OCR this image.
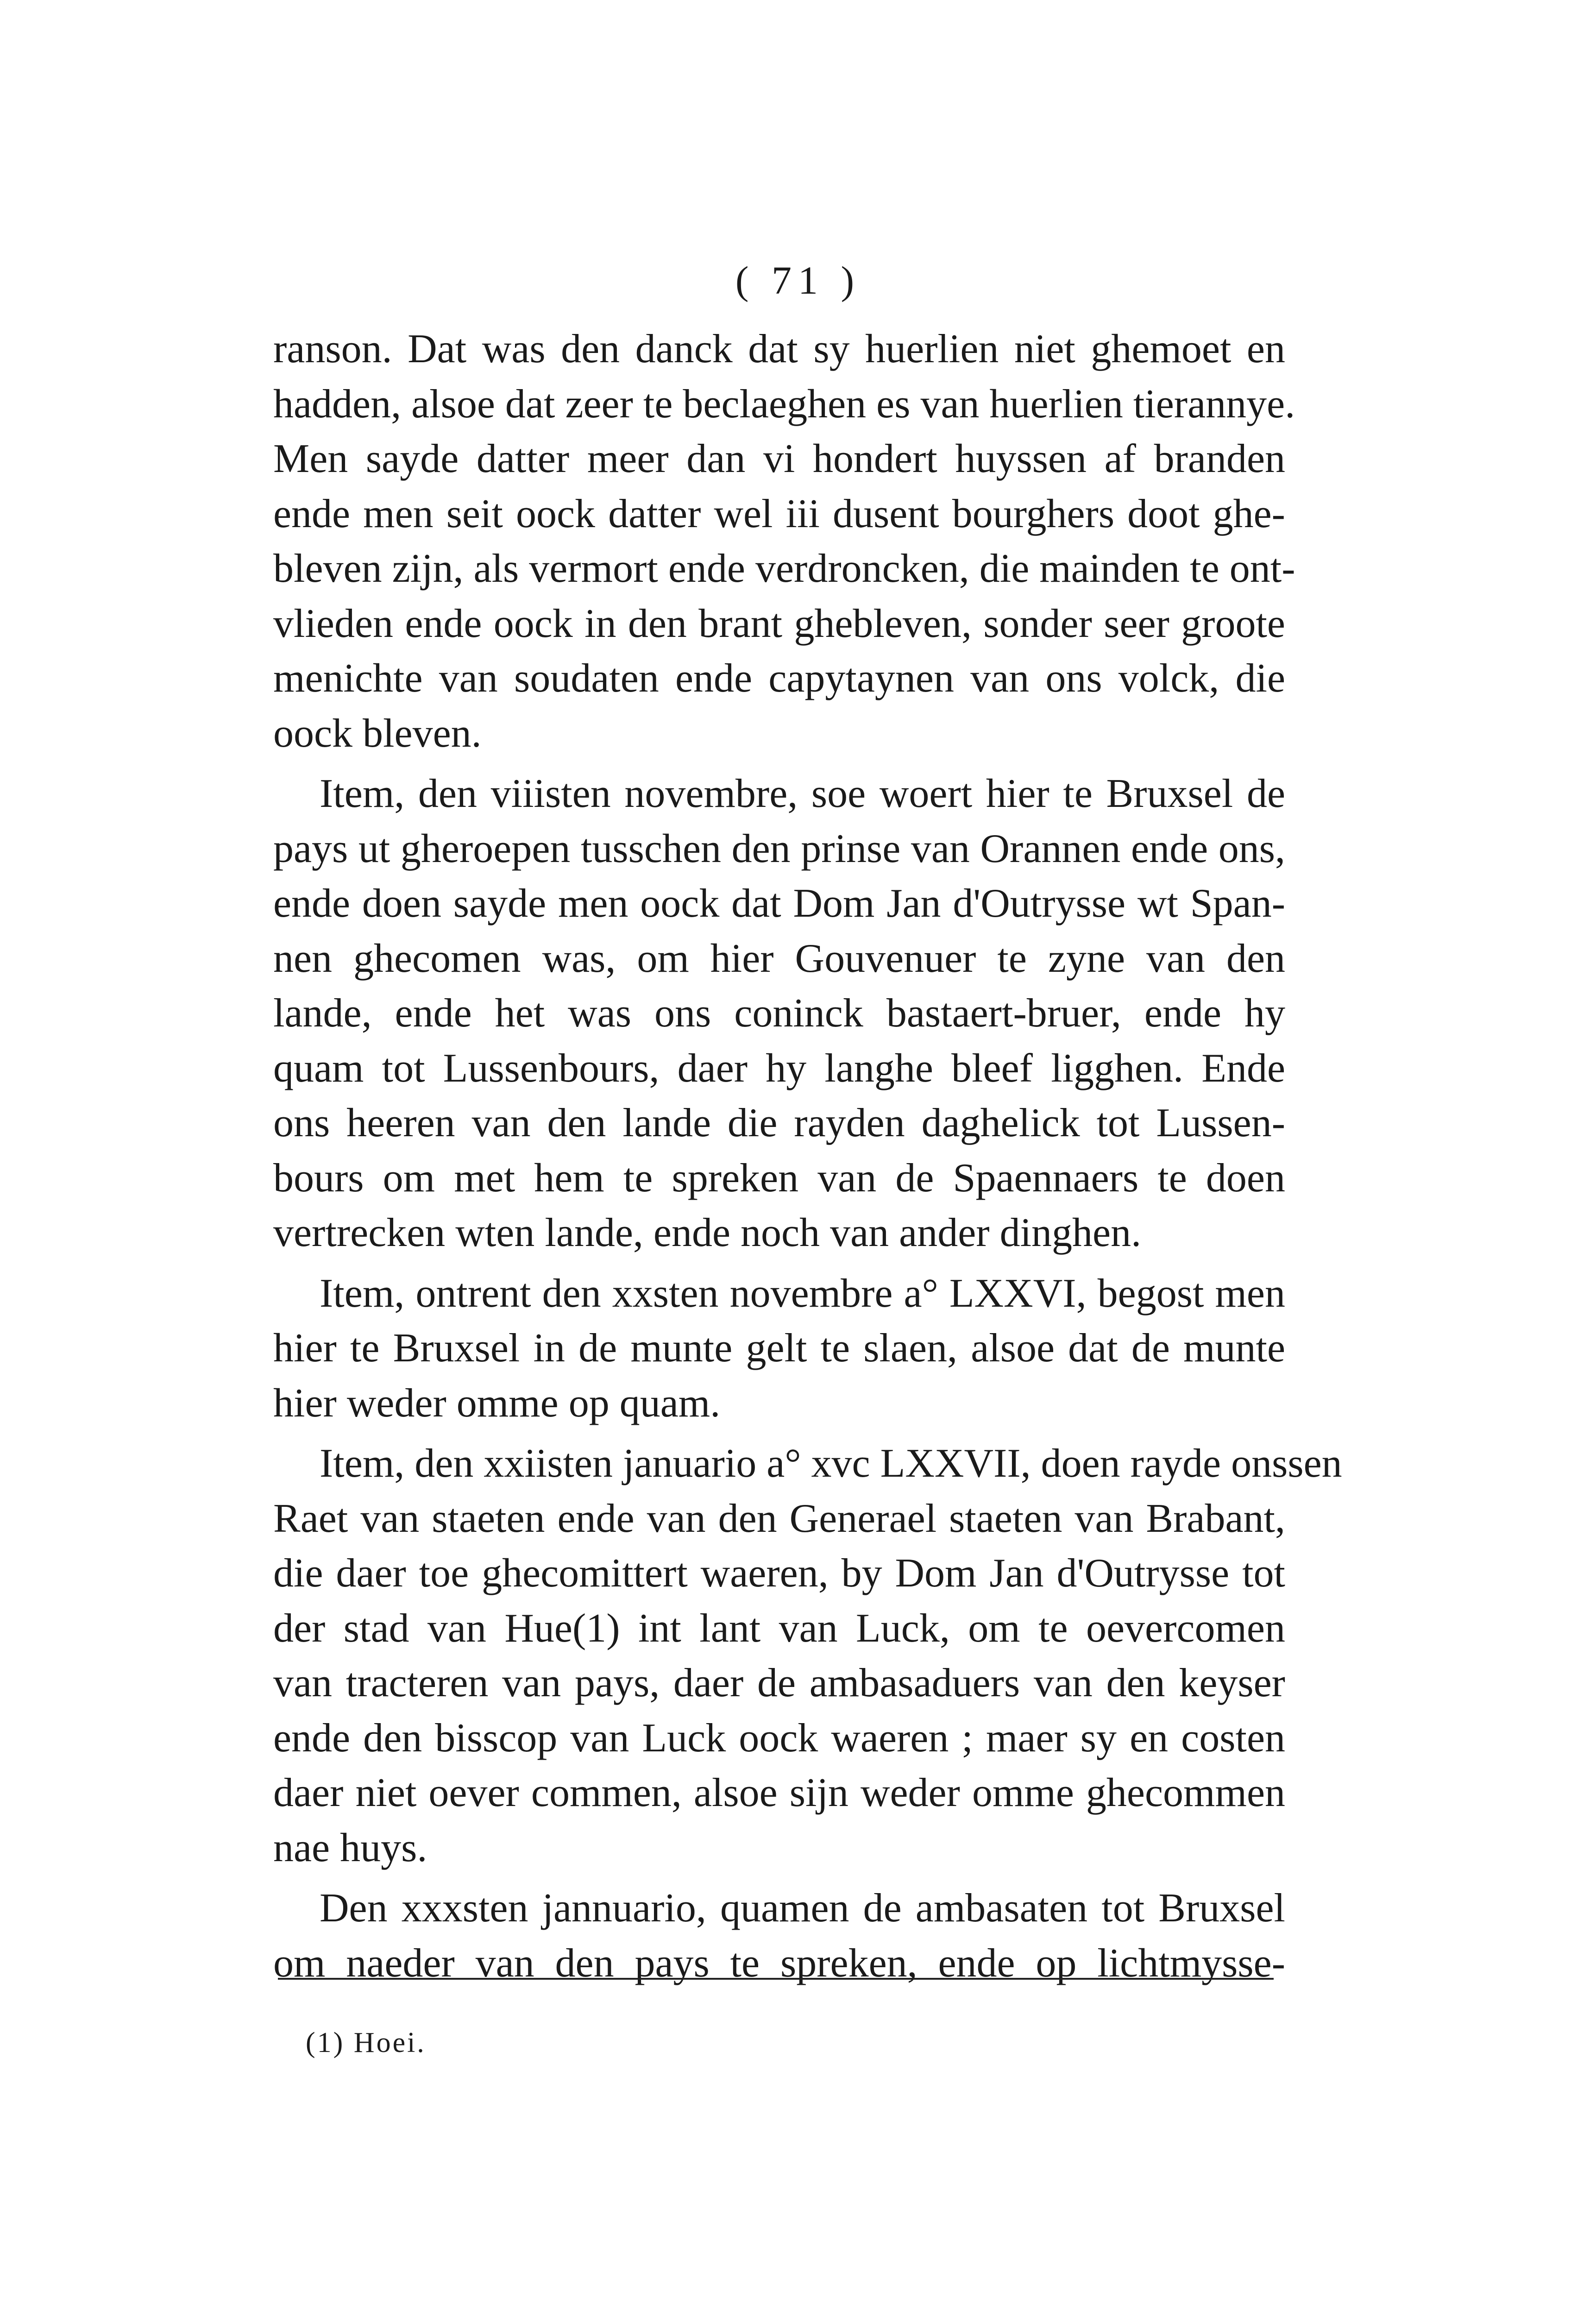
( 71 )
ranson. Dat was den danck dat sy huerlien niet ghemoet en
hadden, alsoe dat zeer te beclaeghen es van huerlien tierannye.
Men sayde datter meer dan vi hondert huyssen af branden
ende men seit oock datter wel iii dusent bourghers doot ghe-
bleven zijn, als vermort ende verdroncken, die mainden te ont-
vlieden ende oock in den brant ghebleven, sonder seer groote
menichte van soudaten ende capytaynen van ons volck, die
oock bleven.
Item, den viiisten novembre, soe woert hier te Bruxsel de
pays ut gheroepen tusschen den prinse van Orannen ende ons,
ende doen sayde men oock dat Dom Jan d'Outrysse wt Span-
nen ghecomen was, om hier Gouvenuer te zyne van den
lande, ende het was ons coninck bastaert-bruer, ende hy
quam tot Lussenbours, daer hy langhe bleef ligghen. Ende
ons heeren van den lande die rayden daghelick tot Lussen-
bours om met hem te spreken van de Spaennaers te doen
vertrecken wten lande, ende noch van ander dinghen.
Item, ontrent den xxsten novembre a° LXXVI, begost men
hier te Bruxsel in de munte gelt te slaen, alsoe dat de munte
hier weder omme op quam.
Item, den xxiisten januario a° xvc LXXVII, doen rayde onssen
Raet van staeten ende van den Generael staeten van Brabant,
die daer toe ghecomittert waeren, by Dom Jan d'Outrysse tot
der stad van Hue(1) int lant van Luck, om te oevercomen
van tracteren van pays, daer de ambasaduers van den keyser
ende den bisscop van Luck oock waeren ; maer sy en costen
daer niet oever commen, alsoe sijn weder omme ghecommen
nae huys.
Den xxxsten jannuario, quamen de ambasaten tot Bruxsel
om naeder van den pays te spreken, ende op lichtmysse-
(1) Hoei.
